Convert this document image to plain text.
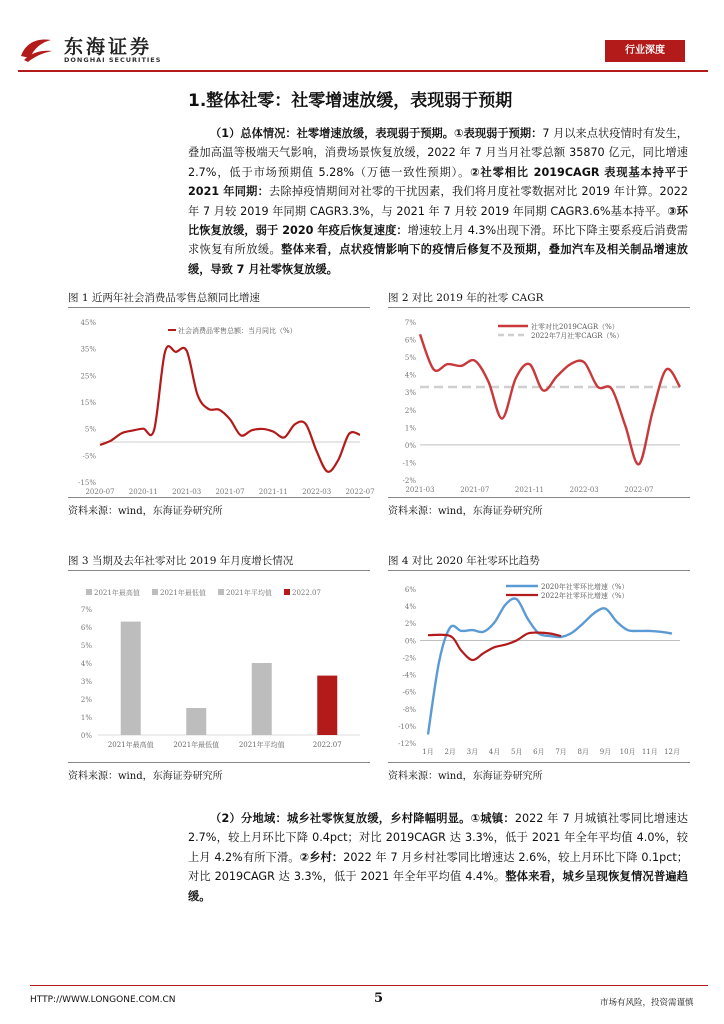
东海证券
DONGHAI SECURITIES
行业深度
1.整体社零：社零增速放缓，表现弱于预期
（1）总体情况：社零增速放缓，表现弱于预期。①表现弱于预期：7 月以来点状疫情时有发生，叠加高温等极端天气影响，消费场景恢复放缓，2022 年 7 月当月社零总额 35870 亿元，同比增速 2.7%，低于市场预期值 5.28%（万德一致性预期）。②社零相比 2019CAGR 表现基本持平于 2021 年同期：去除掉疫情期间对社零的干扰因素，我们将月度社零数据对比 2019 年计算。2022 年 7 月较 2019 年同期 CAGR3.3%，与 2021 年 7 月较 2019 年同期 CAGR3.6%基本持平。③环比恢复放缓，弱于 2020 年疫后恢复速度：增速较上月 4.3%出现下滑。环比下降主要系疫后消费需求恢复有所放缓。整体来看，点状疫情影响下的疫情后修复不及预期，叠加汽车及相关制品增速放缓，导致 7 月社零恢复放缓。
图 1 近两年社会消费品零售总额同比增速
45%
35%
25%
15%
5%
-5%
-15%
2020-07 2020-11 2021-03 2021-07 2021-11 2022-03 2022-07
社会消费品零售总额：当月同比（%）
资料来源：wind，东海证券研究所
图 2 对比 2019 年的社零 CAGR
7%
6%
5%
4%
3%
2%
1%
0%
-1%
-2%
2021-03	2021-07	2021-11	2022-03	2022-07
社零对比2019CAGR（%）
2022年7月社零CAGR（%）
资料来源：wind，东海证券研究所
图 3 当期及去年社零对比 2019 年月度增长情况
7%
6%
5%
4%
3%
2%
1%
0%
2021年最高值
2021年最高值
2021年最低值
2021年最低值
2021年平均值
2021年平均值
2022.07
2022.07
资料来源：wind，东海证券研究所
图 4 对比 2020 年社零环比趋势
6%
4%
2%
0%
-2%
-4%
-6%
-8%
-10%
-12%
1月 2月 3月 4月 5月 6月 7月 8月 9月 10月 11月 12月
2020年社零环比增速（%）
2022年社零环比增速（%）
资料来源：wind，东海证券研究所
（2）分地域：城乡社零恢复放缓，乡村降幅明显。①城镇：2022 年 7 月城镇社零同比增速达 2.7%，较上月环比下降 0.4pct；对比 2019CAGR 达 3.3%，低于 2021 年全年平均值 4.0%，较上月 4.2%有所下滑。②乡村：2022 年 7 月乡村社零同比增速达 2.6%，较上月环比下降 0.1pct；对比 2019CAGR 达 3.3%，低于 2021 年全年平均值 4.4%。整体来看，城乡呈现恢复情况普遍趋缓。
HTTP://WWW.LONGONE.COM.CN	5	市场有风险，投资需谨慎
